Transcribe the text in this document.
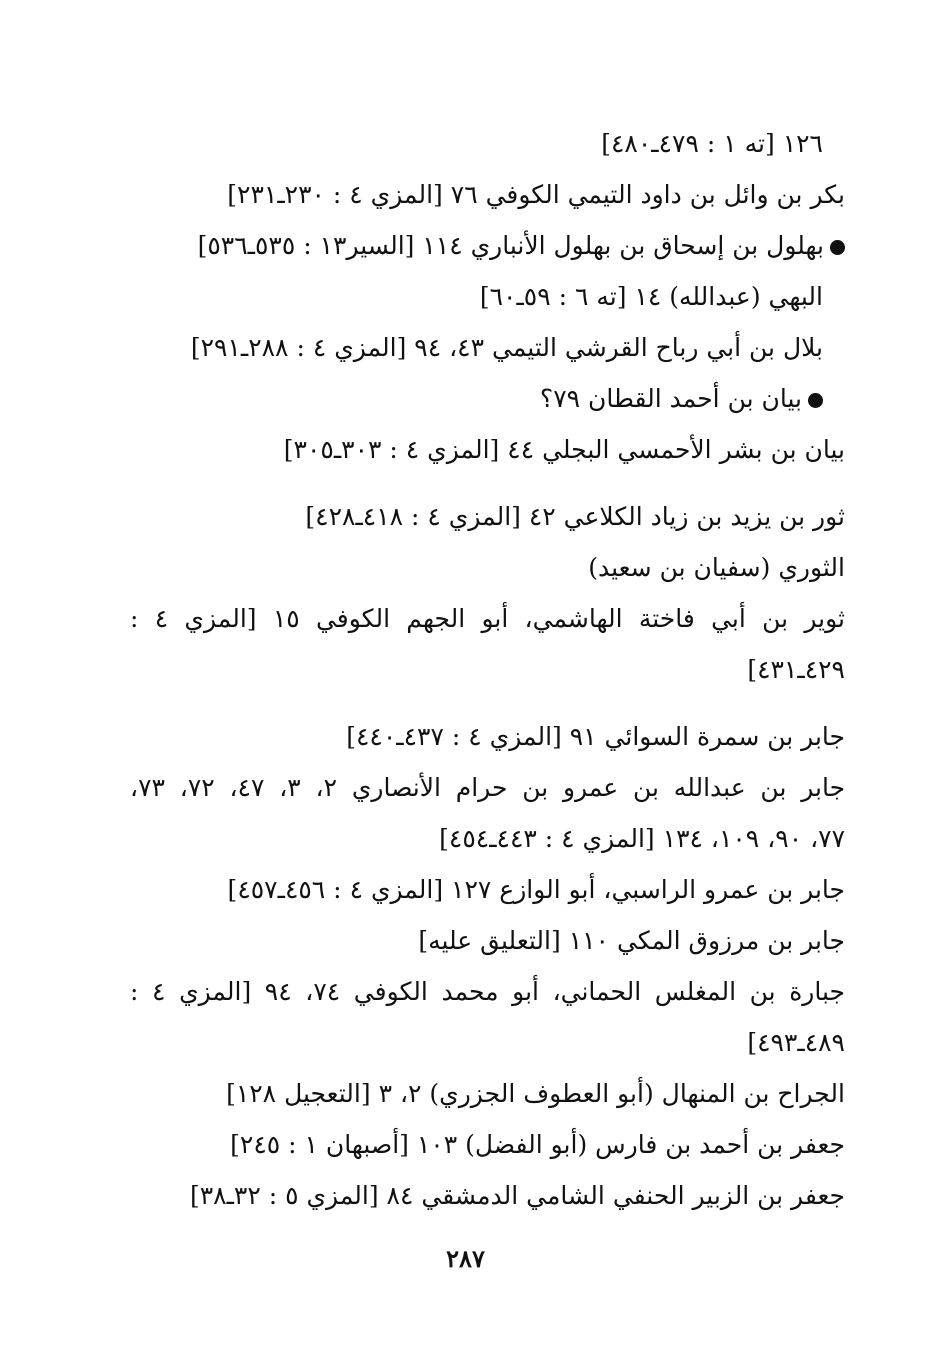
١٢٦ [ته ١ : ٤٧٩ـ٤٨٠]
بكر بن وائل بن داود التيمي الكوفي ٧٦ [المزي ٤ : ٢٣٠ـ٢٣١]
بهلول بن إسحاق بن بهلول الأنباري ١١٤ [السير١٣ : ٥٣٥ـ٥٣٦]
البهي (عبدالله) ١٤ [ته ٦ : ٥٩ـ٦٠]
بلال بن أبي رباح القرشي التيمي ٤٣، ٩٤ [المزي ٤ : ٢٨٨ـ٢٩١]
بيان بن أحمد القطان ٧٩؟
بيان بن بشر الأحمسي البجلي ٤٤ [المزي ٤ : ٣٠٣ـ٣٠٥]
ثور بن يزيد بن زياد الكلاعي ٤٢ [المزي ٤ : ٤١٨ـ٤٢٨]
الثوري (سفيان بن سعيد)
ثوير بن أبي فاختة الهاشمي، أبو الجهم الكوفي ١٥ [المزي ٤ :
٤٢٩ـ٤٣١]
جابر بن سمرة السوائي ٩١ [المزي ٤ : ٤٣٧ـ٤٤٠]
جابر بن عبدالله بن عمرو بن حرام الأنصاري ٢، ٣، ٤٧، ٧٢، ٧٣،
٧٧، ٩٠، ١٠٩، ١٣٤ [المزي ٤ : ٤٤٣ـ٤٥٤]
جابر بن عمرو الراسبي، أبو الوازع ١٢٧ [المزي ٤ : ٤٥٦ـ٤٥٧]
جابر بن مرزوق المكي ١١٠ [التعليق عليه]
جبارة بن المغلس الحماني، أبو محمد الكوفي ٧٤، ٩٤ [المزي ٤ :
٤٨٩ـ٤٩٣]
الجراح بن المنهال (أبو العطوف الجزري) ٢، ٣ [التعجيل ١٢٨]
جعفر بن أحمد بن فارس (أبو الفضل) ١٠٣ [أصبهان ١ : ٢٤٥]
جعفر بن الزبير الحنفي الشامي الدمشقي ٨٤ [المزي ٥ : ٣٢ـ٣٨]
٢٨٧
